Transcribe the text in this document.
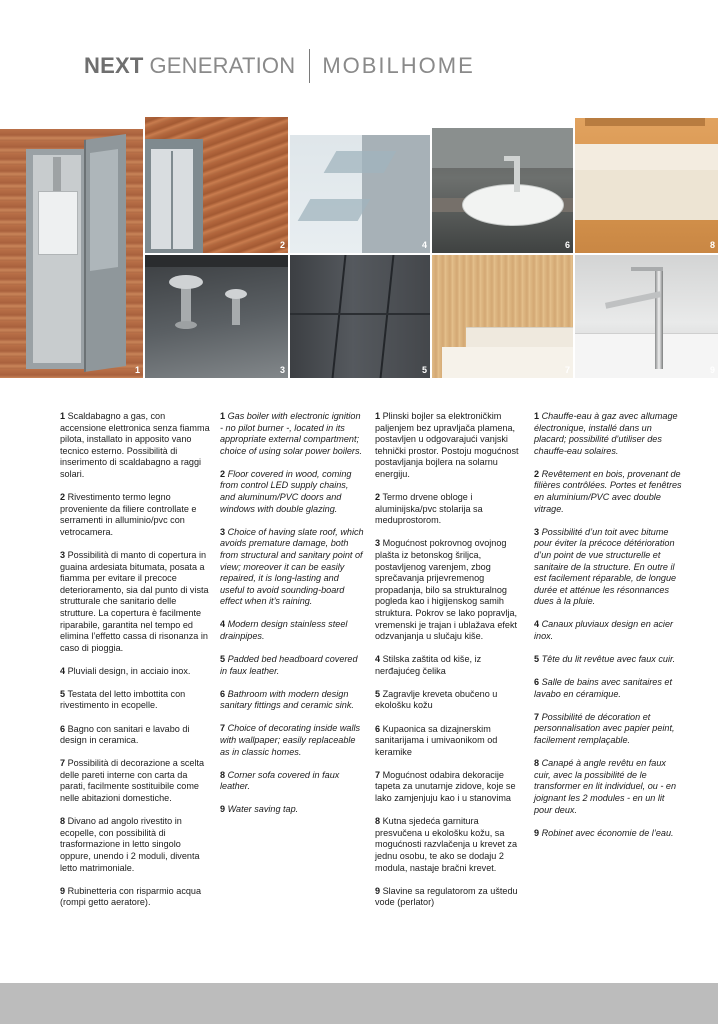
NEXT GENERATION MOBILHOME
1
2
3
4
5
6
7
8
9

1 Scaldabagno a gas, con accensione elettronica senza fiamma pilota, installato in apposito vano tecnico esterno. Possibilità di inserimento di scaldabagno a raggi solari.

2 Rivestimento termo legno proveniente da filiere controllate e serramenti in alluminio/pvc con vetrocamera.

3 Possibilità di manto di copertura in guaina ardesiata bitumata, posata a fiamma per evitare il precoce deterioramento, sia dal punto di vista strutturale che sanitario delle strutture. La copertura è facilmente riparabile, garantita nel tempo ed elimina l’effetto cassa di risonanza in caso di pioggia.

4 Pluviali design, in acciaio inox.

5 Testata del letto imbottita con rivestimento in ecopelle.

6 Bagno con sanitari e lavabo di design in ceramica.

7 Possibilità di decorazione a scelta delle pareti interne con carta da parati, facilmente sostituibile come nelle abitazioni domestiche.

8 Divano ad angolo rivestito in ecopelle, con possibilità di trasformazione in letto singolo oppure, unendo i 2 moduli, diventa letto matrimoniale.

9 Rubinetteria con risparmio acqua (rompi getto aeratore).

1 Gas boiler with electronic ignition - no pilot burner -, located in its appropriate external compartment; choice of using solar power boilers.

2 Floor covered in wood, coming from control LED supply chains, and aluminum/PVC doors and windows with double glazing.

3 Choice of having slate roof, which avoids premature damage, both from structural and sanitary point of view; moreover it can be easily repaired, it is long-lasting and useful to avoid sounding-board effect when it’s raining.

4 Modern design stainless steel drainpipes.

5 Padded bed headboard covered in faux leather.

6 Bathroom with modern design sanitary fittings and ceramic sink.

7 Choice of decorating inside walls with wallpaper; easily replaceable as in classic homes.

8 Corner sofa covered in faux leather.

9 Water saving tap.

1 Plinski bojler sa elektroničkim paljenjem bez upravljača plamena, postavljen u odgovarajući vanjski tehnički prostor. Postoju mogućnost postavljanja bojlera na solarnu energiju.

2 Termo drvene obloge i aluminijska/pvc stolarija sa meduprostorom.

3 Mogućnost pokrovnog ovojnog plašta iz betonskog šriljca, postavljenog varenjem, zbog sprečavanja prijevremenog propadanja, bilo sa strukturalnog pogleda kao i higijenskog samih struktura. Pokrov se lako popravlja, vremenski je trajan i ublažava efekt odzvanjanja u slučaju kiše.

4 Stilska zaštita od kiše, iz nerđajućeg čelika

5 Zagravlje kreveta obučeno u ekološku kožu

6 Kupaonica sa dizajnerskim sanitarijama i umivaonikom od keramike

7 Mogućnost odabira dekoracije tapeta za unutarnje zidove, koje se lako zamjenjuju kao i u stanovima

8 Kutna sjedeća garnitura presvučena u ekološku kožu, sa mogućnosti razvlačenja u krevet za jednu osobu, te ako se dodaju 2 modula, nastaje bračni krevet.

9 Slavine sa regulatorom za uštedu vode (perlator)

1 Chauffe-eau à gaz avec allumage électronique, installé dans un placard; possibilité d’utiliser des chauffe-eau solaires.

2 Revêtement en bois, provenant de filières contrôlées. Portes et fenêtres en aluminium/PVC avec double vitrage.

3 Possibilité d’un toit avec bitume pour éviter la précoce détérioration d’un point de vue structurelle et sanitaire de la structure. En outre il est facilement réparable, de longue durée et atténue les résonnances dues à la pluie.

4 Canaux pluviaux design en acier inox.

5 Tête du lit revêtue avec faux cuir.

6 Salle de bains avec sanitaires et lavabo en céramique.

7 Possibilité de décoration et personnalisation avec papier peint, facilement remplaçable.

8 Canapé à angle revêtu en faux cuir, avec la possibilité de le transformer en lit individuel, ou - en joignant les 2 modules - en un lit pour deux.

9 Robinet avec économie de l’eau.
